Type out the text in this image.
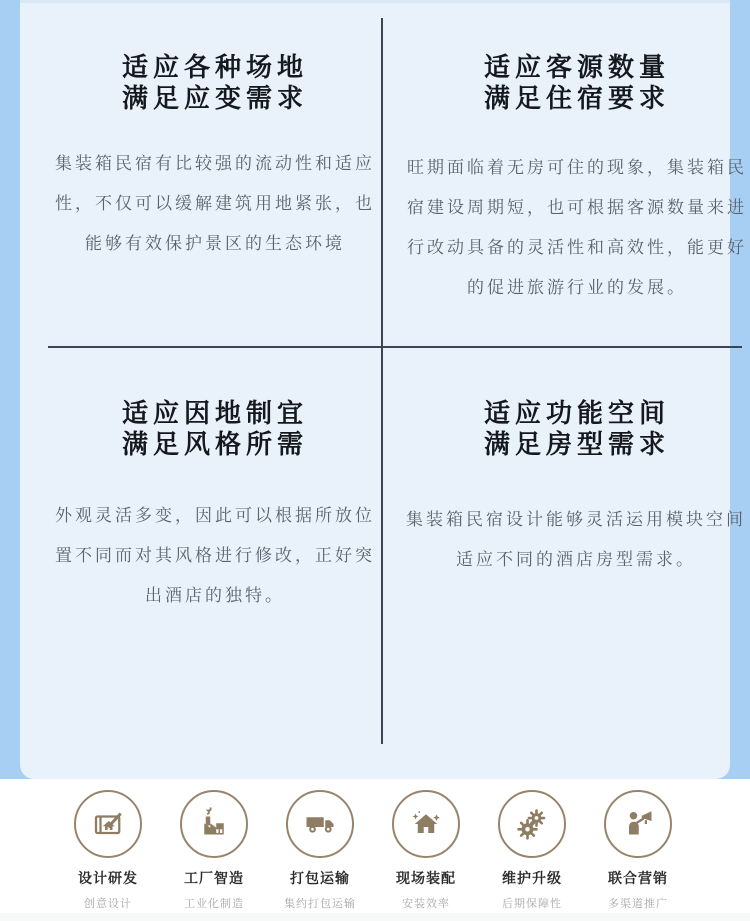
适应各种场地
满足应变需求
集装箱民宿有比较强的流动性和适应性，不仅可以缓解建筑用地紧张，也能够有效保护景区的生态环境
适应客源数量
满足住宿要求
旺期面临着无房可住的现象，集装箱民宿建设周期短，也可根据客源数量来进行改动具备的灵活性和高效性，能更好的促进旅游行业的发展。
适应因地制宜
满足风格所需
外观灵活多变，因此可以根据所放位置不同而对其风格进行修改，正好突出酒店的独特。
适应功能空间
满足房型需求
集装箱民宿设计能够灵活运用模块空间适应不同的酒店房型需求。
设计研发
创意设计
工厂智造
工业化制造
打包运输
集约打包运输
现场装配
安装效率
维护升级
后期保障性
联合营销
多渠道推广
